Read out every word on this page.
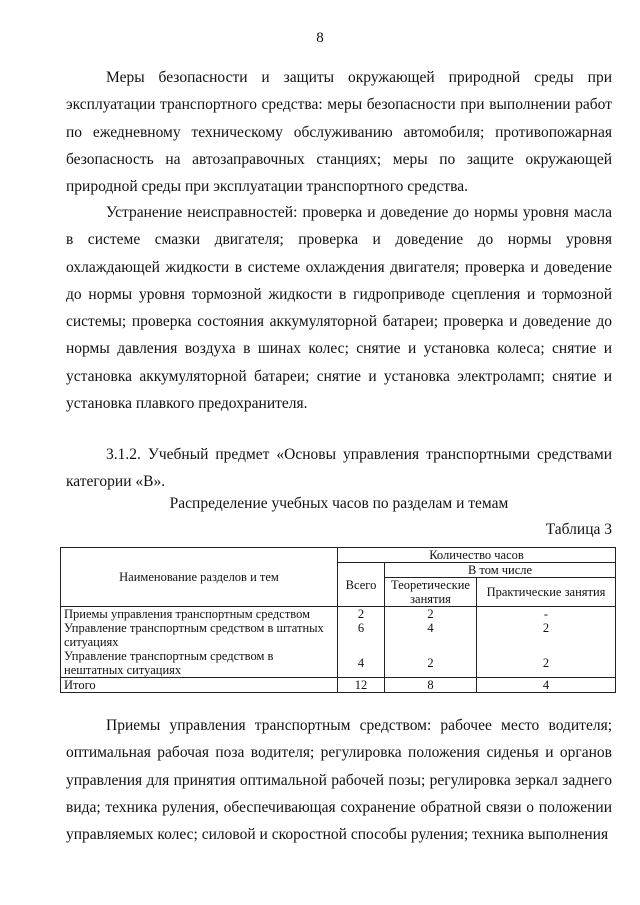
8

Меры безопасности и защиты окружающей природной среды при эксплуатации транспортного средства: меры безопасности при выполнении работ по ежедневному техническому обслуживанию автомобиля; противопожарная безопасность на автозаправочных станциях; меры по защите окружающей природной среды при эксплуатации транспортного средства.

Устранение неисправностей: проверка и доведение до нормы уровня масла в системе смазки двигателя; проверка и доведение до нормы уровня охлаждающей жидкости в системе охлаждения двигателя; проверка и доведение до нормы уровня тормозной жидкости в гидроприводе сцепления и тормозной системы; проверка состояния аккумуляторной батареи; проверка и доведение до нормы давления воздуха в шинах колес; снятие и установка колеса; снятие и установка аккумуляторной батареи; снятие и установка электроламп; снятие и установка плавкого предохранителя.

3.1.2. Учебный предмет «Основы управления транспортными средствами категории «В».

Распределение учебных часов по разделам и темам
Таблица 3
Наименование разделов и тем	Количество часов		
	Всего	В том числе	
		Теоретические занятия	Практические занятия
Приемы управления транспортным средством	2	2	-
Управление транспортным средством в штатных ситуациях	6	4	2
Управление транспортным средством в нештатных ситуациях	4	2	2
Итого	12	8	4

Приемы управления транспортным средством: рабочее место водителя; оптимальная рабочая поза водителя; регулировка положения сиденья и органов управления для принятия оптимальной рабочей позы; регулировка зеркал заднего вида; техника руления, обеспечивающая сохранение обратной связи о положении управляемых колес; силовой и скоростной способы руления; техника выполнения
